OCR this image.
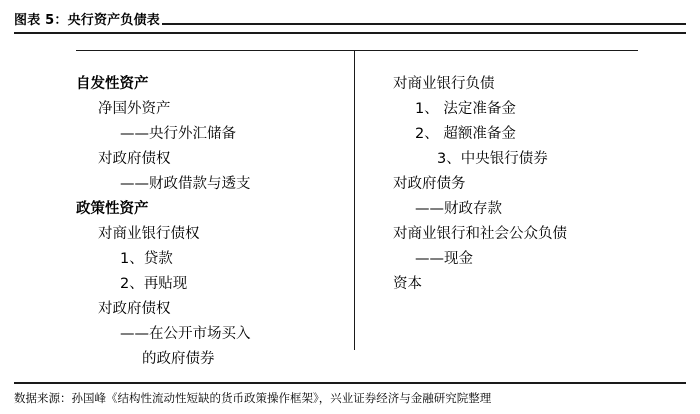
图表 5：央行资产负债表
自发性资产
净国外资产
——央行外汇储备
对政府债权
——财政借款与透支
政策性资产
对商业银行债权
1、贷款
2、再贴现
对政府债权
——在公开市场买入
的政府债券
对商业银行负债
1、 法定准备金
2、 超额准备金
3、中央银行债券
对政府债务
——财政存款
对商业银行和社会公众负债
——现金
资本
数据来源：孙国峰《结构性流动性短缺的货币政策操作框架》，兴业证券经济与金融研究院整理
